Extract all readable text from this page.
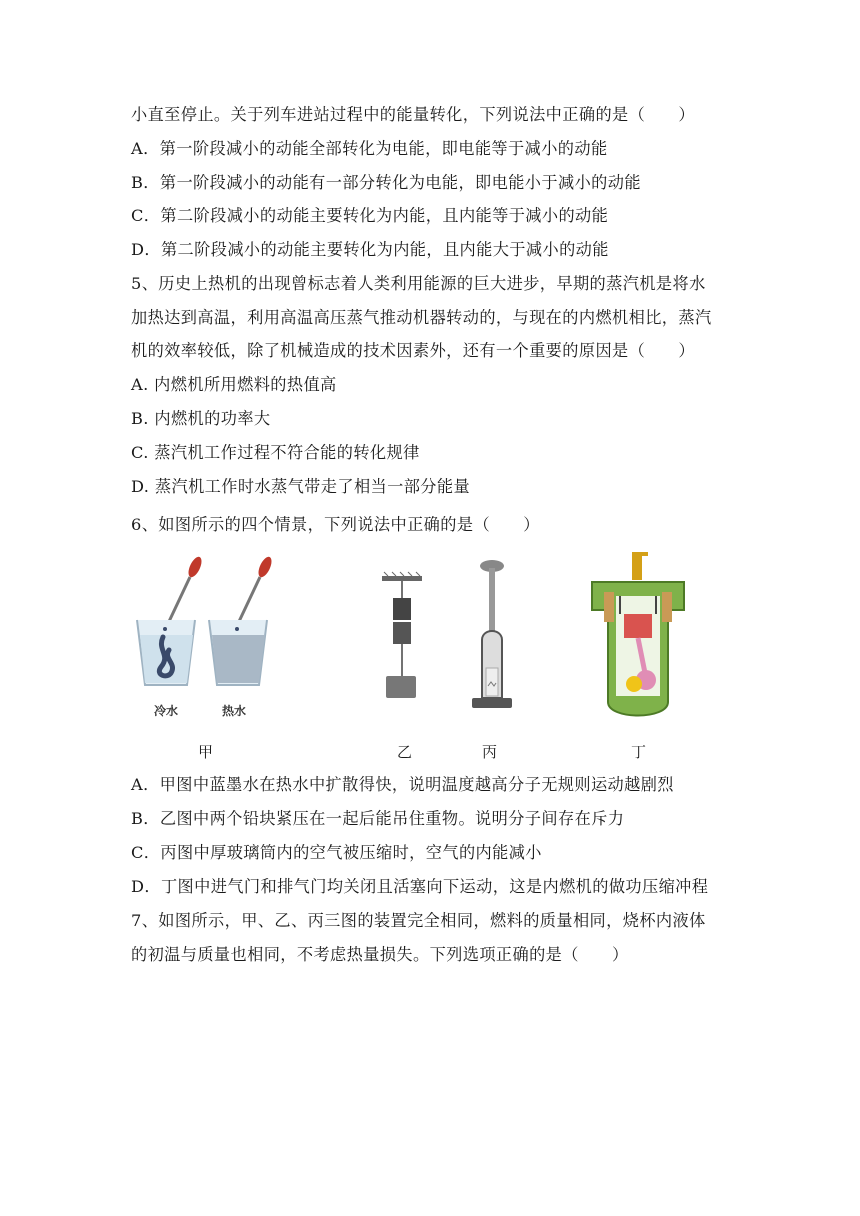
小直至停止。关于列车进站过程中的能量转化，下列说法中正确的是（　　）
A．第一阶段减小的动能全部转化为电能，即电能等于减小的动能
B．第一阶段减小的动能有一部分转化为电能，即电能小于减小的动能
C．第二阶段减小的动能主要转化为内能，且内能等于减小的动能
D．第二阶段减小的动能主要转化为内能，且内能大于减小的动能
5、历史上热机的出现曾标志着人类利用能源的巨大进步，早期的蒸汽机是将水
加热达到高温，利用高温高压蒸气推动机器转动的，与现在的内燃机相比，蒸汽
机的效率较低，除了机械造成的技术因素外，还有一个重要的原因是（　　）
A. 内燃机所用燃料的热值高
B. 内燃机的功率大
C. 蒸汽机工作过程不符合能的转化规律
D. 蒸汽机工作时水蒸气带走了相当一部分能量
6、如图所示的四个情景，下列说法中正确的是（　　）
冷水	热水
甲	乙	丙	丁
A．甲图中蓝墨水在热水中扩散得快，说明温度越高分子无规则运动越剧烈
B．乙图中两个铅块紧压在一起后能吊住重物。说明分子间存在斥力
C．丙图中厚玻璃筒内的空气被压缩时，空气的内能减小
D．丁图中进气门和排气门均关闭且活塞向下运动，这是内燃机的做功压缩冲程
7、如图所示，甲、乙、丙三图的装置完全相同，燃料的质量相同，烧杯内液体
的初温与质量也相同，不考虑热量损失。下列选项正确的是（　　）
